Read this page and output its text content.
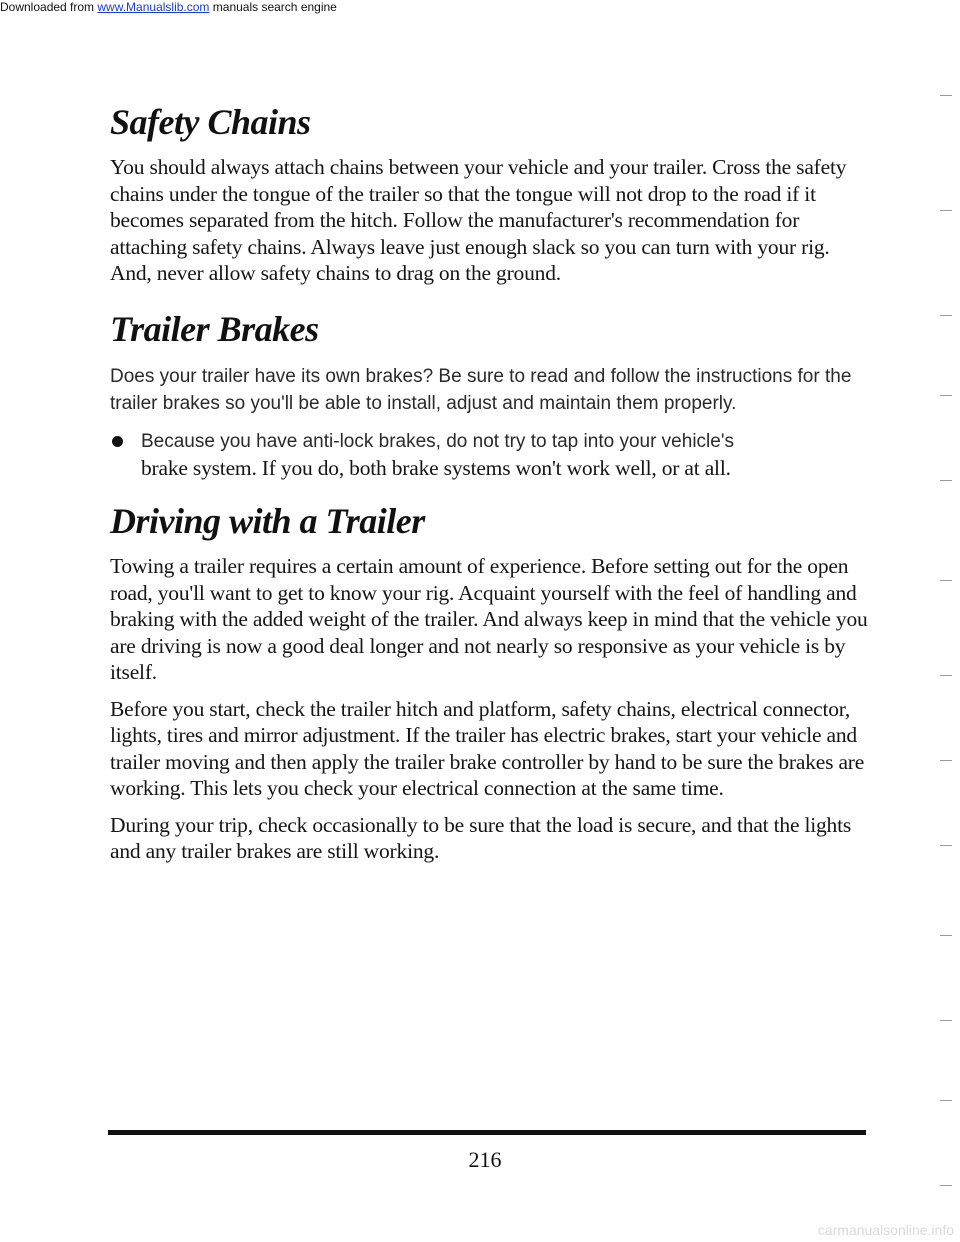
Downloaded from www.Manualslib.com manuals search engine
Safety Chains

You should always attach chains between your vehicle and your trailer. Cross the safety chains under the tongue of the trailer so that the tongue will not drop to the road if it becomes separated from the hitch. Follow the manufacturer's recommendation for attaching safety chains. Always leave just enough slack so you can turn with your rig. And, never allow safety chains to drag on the ground.

Trailer Brakes

Does your trailer have its own brakes? Be sure to read and follow the instructions for the trailer brakes so you'll be able to install, adjust and maintain them properly.

Because you have anti-lock brakes, do not try to tap into your vehicle's
brake system. If you do, both brake systems won't work well, or at all.

Driving with a Trailer

Towing a trailer requires a certain amount of experience. Before setting out for the open road, you'll want to get to know your rig. Acquaint yourself with the feel of handling and braking with the added weight of the trailer. And always keep in mind that the vehicle you are driving is now a good deal longer and not nearly so responsive as your vehicle is by itself.

Before you start, check the trailer hitch and platform, safety chains, electrical connector, lights, tires and mirror adjustment. If the trailer has electric brakes, start your vehicle and trailer moving and then apply the trailer brake controller by hand to be sure the brakes are working. This lets you check your electrical connection at the same time.

During your trip, check occasionally to be sure that the load is secure, and that the lights and any trailer brakes are still working.

216
carmanualsonline.info
